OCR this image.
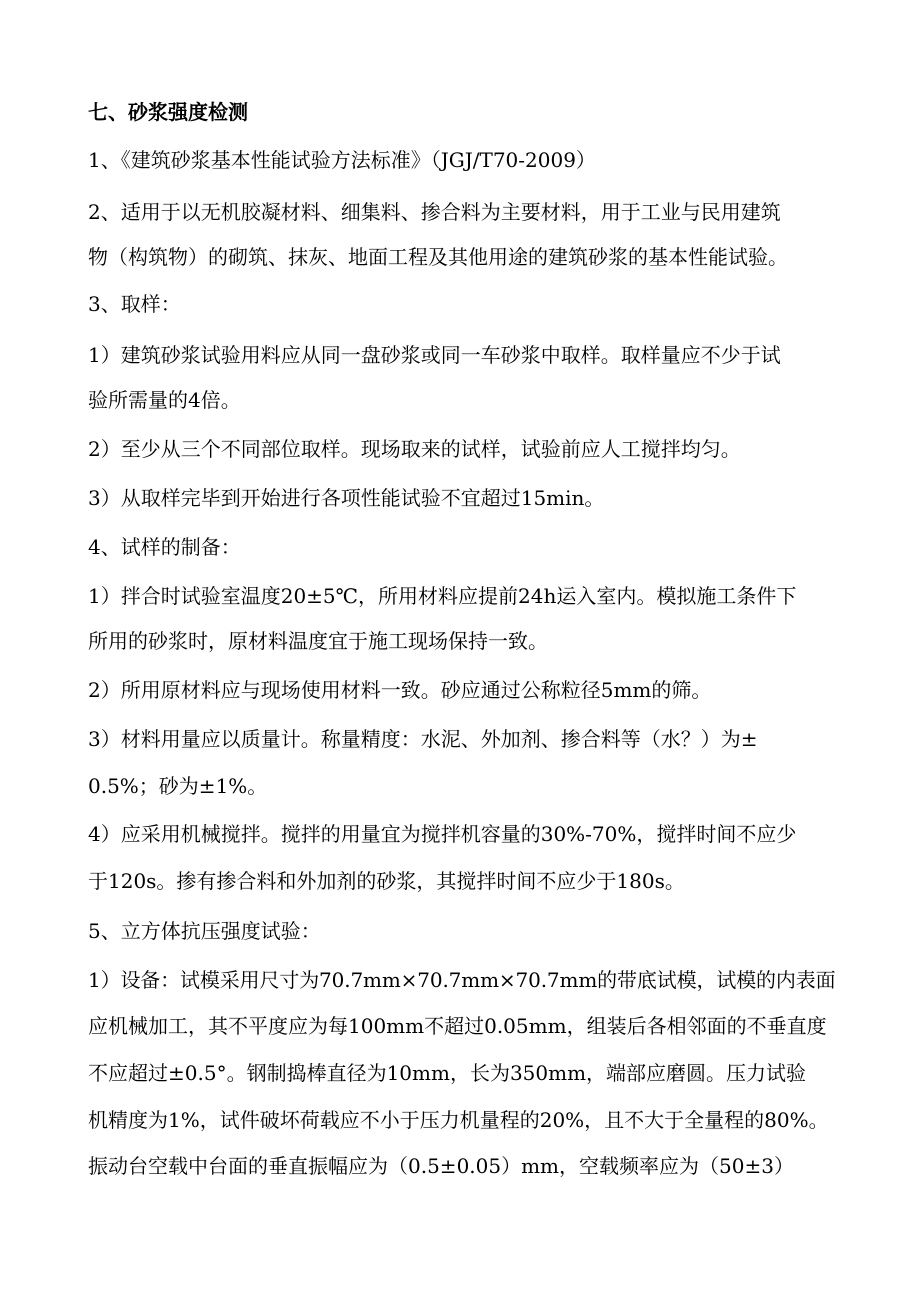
七、砂浆强度检测
1、《建筑砂浆基本性能试验方法标准》（JGJ/T70-2009）
2、适用于以无机胶凝材料、细集料、掺合料为主要材料，用于工业与民用建筑
物（构筑物）的砌筑、抹灰、地面工程及其他用途的建筑砂浆的基本性能试验。
3、取样：
1）建筑砂浆试验用料应从同一盘砂浆或同一车砂浆中取样。取样量应不少于试
验所需量的4倍。
2）至少从三个不同部位取样。现场取来的试样，试验前应人工搅拌均匀。
3）从取样完毕到开始进行各项性能试验不宜超过15min。
4、试样的制备：
1）拌合时试验室温度20±5℃，所用材料应提前24h运入室内。模拟施工条件下
所用的砂浆时，原材料温度宜于施工现场保持一致。
2）所用原材料应与现场使用材料一致。砂应通过公称粒径5mm的筛。
3）材料用量应以质量计。称量精度：水泥、外加剂、掺合料等（水？）为±
0.5%；砂为±1%。
4）应采用机械搅拌。搅拌的用量宜为搅拌机容量的30%-70%，搅拌时间不应少
于120s。掺有掺合料和外加剂的砂浆，其搅拌时间不应少于180s。
5、立方体抗压强度试验：
1）设备：试模采用尺寸为70.7mm×70.7mm×70.7mm的带底试模，试模的内表面
应机械加工，其不平度应为每100mm不超过0.05mm，组装后各相邻面的不垂直度
不应超过±0.5°。钢制捣棒直径为10mm，长为350mm，端部应磨圆。压力试验
机精度为1%，试件破坏荷载应不小于压力机量程的20%，且不大于全量程的80%。
振动台空载中台面的垂直振幅应为（0.5±0.05）mm，空载频率应为（50±3）
